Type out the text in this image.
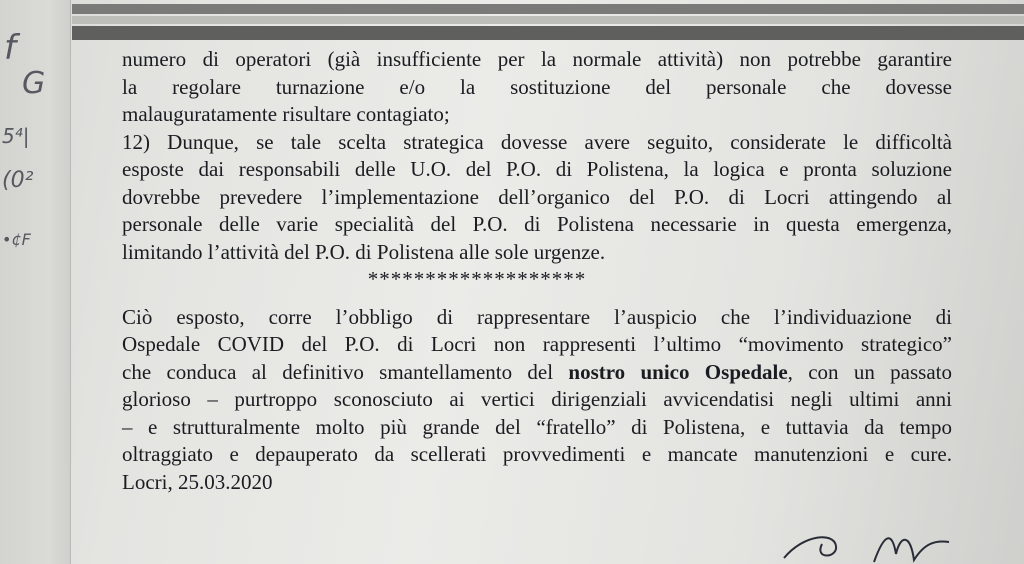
f
G
5⁴|
(0²
•¢F
numero di operatori (già insufficiente per la normale attività) non potrebbe garantire
la regolare turnazione e/o la sostituzione del personale che dovesse
malauguratamente risultare contagiato;
12) Dunque, se tale scelta strategica dovesse avere seguito, considerate le difficoltà
esposte dai responsabili delle U.O. del P.O. di Polistena, la logica e pronta soluzione
dovrebbe prevedere l’implementazione dell’organico del P.O. di Locri attingendo al
personale delle varie specialità del P.O. di Polistena necessarie in questa emergenza,
limitando l’attività del P.O. di Polistena alle sole urgenze.
*******************
Ciò esposto, corre l’obbligo di rappresentare l’auspicio che l’individuazione di
Ospedale COVID del P.O. di Locri non rappresenti l’ultimo “movimento strategico”
che conduca al definitivo smantellamento del nostro unico Ospedale, con un passato
glorioso – purtroppo sconosciuto ai vertici dirigenziali avvicendatisi negli ultimi anni
– e strutturalmente molto più grande del “fratello” di Polistena, e tuttavia da tempo
oltraggiato e depauperato da scellerati provvedimenti e mancate manutenzioni e cure.
Locri, 25.03.2020
